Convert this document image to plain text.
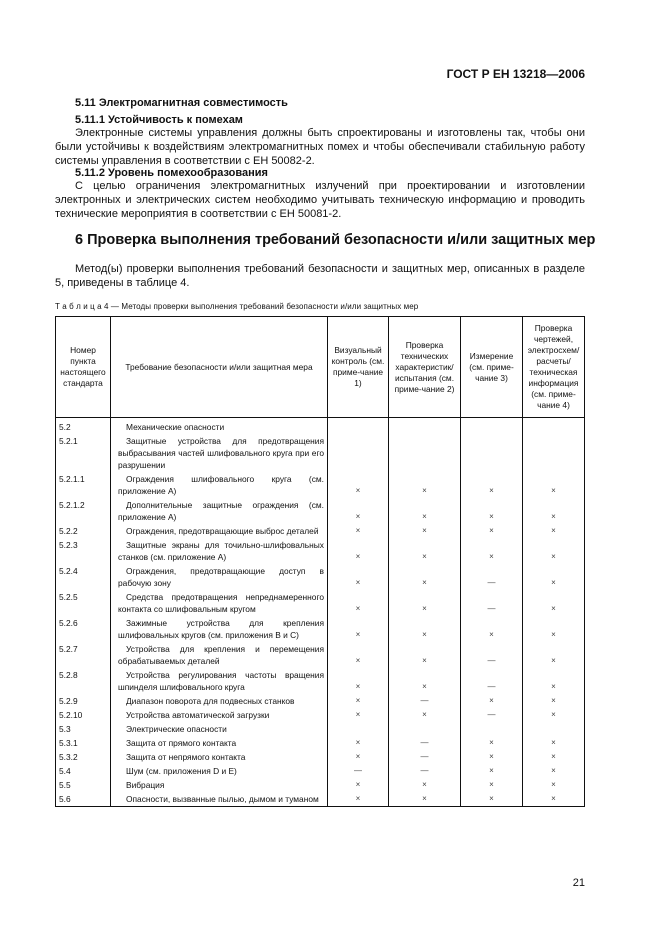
ГОСТ Р ЕН 13218—2006
5.11 Электромагнитная совместимость
5.11.1 Устойчивость к помехам
Электронные системы управления должны быть спроектированы и изготовлены так, чтобы они были устойчивы к воздействиям электромагнитных помех и чтобы обеспечивали стабильную работу системы управления в соответствии с ЕН 50082-2.
5.11.2 Уровень помехообразования
С целью ограничения электромагнитных излучений при проектировании и изготовлении электронных и электрических систем необходимо учитывать техническую информацию и проводить технические мероприятия в соответствии с ЕН 50081-2.
6 Проверка выполнения требований безопасности и/или защитных мер
Метод(ы) проверки выполнения требований безопасности и защитных мер, описанных в разделе 5, приведены в таблице 4.
Т а б л и ц а 4 — Методы проверки выполнения требований безопасности и/или защитных мер
Номер пункта настоящего стандарта	Требование безопасности и/или защитная мера	Визуальный контроль (см. приме-чание 1)	Проверка технических характеристик/ испытания (см. приме-чание 2)	Измерение (см. приме-чание 3)	Проверка чертежей, электросхем/ расчеты/ техническая информация (см. приме-чание 4)
5.2	Механические опасности				
5.2.1	Защитные устройства для предотвращения выбрасывания частей шлифовального круга при его разрушении				
5.2.1.1	Ограждения шлифовального круга (см. приложение А)	×	×	×	×
5.2.1.2	Дополнительные защитные ограждения (см. приложение А)	×	×	×	×
5.2.2	Ограждения, предотвращающие выброс деталей	×	×	×	×
5.2.3	Защитные экраны для точильно-шлифовальных станков (см. приложение А)	×	×	×	×
5.2.4	Ограждения, предотвращающие доступ в рабочую зону	×	×	—	×
5.2.5	Средства предотвращения непреднамеренного контакта со шлифовальным кругом	×	×	—	×
5.2.6	Зажимные устройства для крепления шлифовальных кругов (см. приложения В и С)	×	×	×	×
5.2.7	Устройства для крепления и перемещения обрабатываемых деталей	×	×	—	×
5.2.8	Устройства регулирования частоты вращения шпинделя шлифовального круга	×	×	—	×
5.2.9	Диапазон поворота для подвесных станков	×	—	×	×
5.2.10	Устройства автоматической загрузки	×	×	—	×
5.3	Электрические опасности				
5.3.1	Защита от прямого контакта	×	—	×	×
5.3.2	Защита от непрямого контакта	×	—	×	×
5.4	Шум (см. приложения D и Е)	—	—	×	×
5.5	Вибрация	×	×	×	×
5.6	Опасности, вызванные пылью, дымом и туманом	×	×	×	×
21
